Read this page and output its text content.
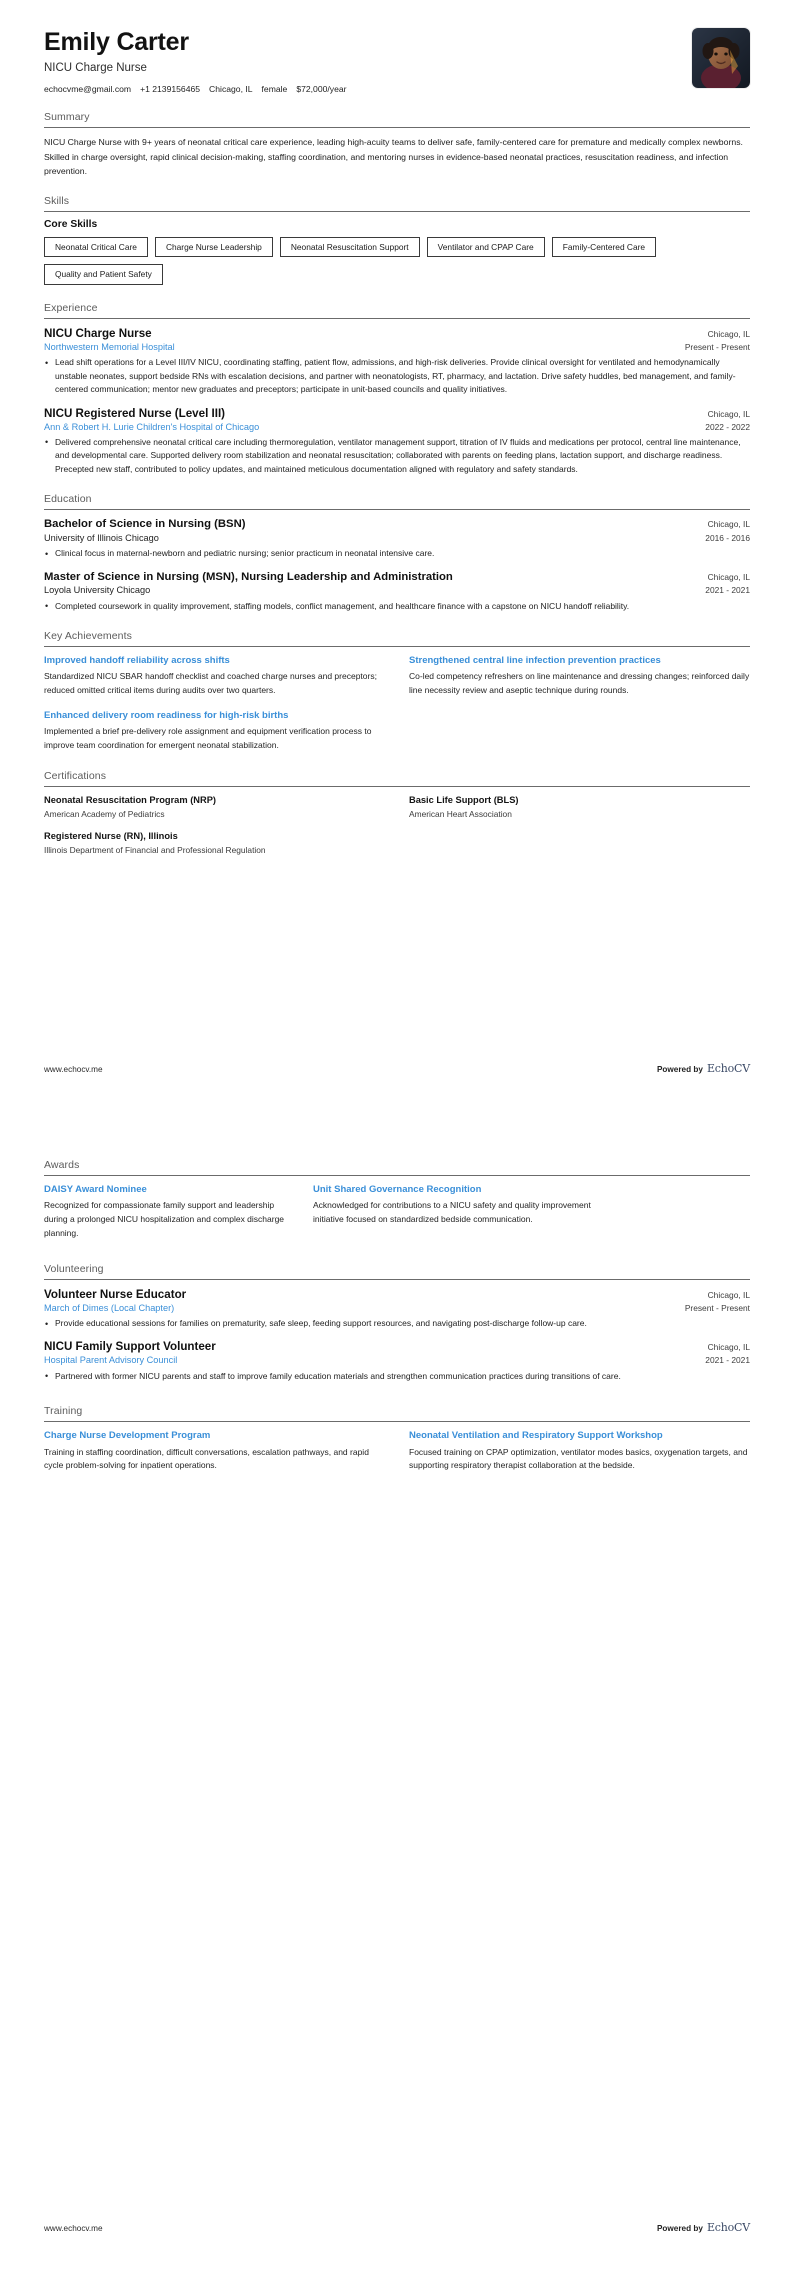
Emily Carter
NICU Charge Nurse
echocvme@gmail.com +1 2139156465 Chicago, IL female $72,000/year
Summary

NICU Charge Nurse with 9+ years of neonatal critical care experience, leading high-acuity teams to deliver safe, family-centered care for premature and medically complex newborns.

Skilled in charge oversight, rapid clinical decision-making, staffing coordination, and mentoring nurses in evidence-based neonatal practices, resuscitation readiness, and infection prevention.

Skills
Core Skills
Neonatal Critical Care	Charge Nurse Leadership	Neonatal Resuscitation Support	Ventilator and CPAP Care	Family-Centered Care
Quality and Patient Safety
Experience
NICU Charge Nurse	Chicago, IL
Northwestern Memorial Hospital	Present - Present
• Lead shift operations for a Level III/IV NICU, coordinating staffing, patient flow, admissions, and high-risk deliveries. Provide clinical oversight for ventilated and hemodynamically unstable neonates, support bedside RNs with escalation decisions, and partner with neonatologists, RT, pharmacy, and lactation. Drive safety huddles, bed management, and family-centered communication; mentor new graduates and preceptors; participate in unit-based councils and quality initiatives.
NICU Registered Nurse (Level III)	Chicago, IL
Ann & Robert H. Lurie Children's Hospital of Chicago	2022 - 2022
• Delivered comprehensive neonatal critical care including thermoregulation, ventilator management support, titration of IV fluids and medications per protocol, central line maintenance, and developmental care. Supported delivery room stabilization and neonatal resuscitation; collaborated with parents on feeding plans, lactation support, and discharge readiness. Precepted new staff, contributed to policy updates, and maintained meticulous documentation aligned with regulatory and safety standards.
Education
Bachelor of Science in Nursing (BSN)	Chicago, IL
University of Illinois Chicago	2016 - 2016
• Clinical focus in maternal-newborn and pediatric nursing; senior practicum in neonatal intensive care.
Master of Science in Nursing (MSN), Nursing Leadership and Administration	Chicago, IL
Loyola University Chicago	2021 - 2021
• Completed coursework in quality improvement, staffing models, conflict management, and healthcare finance with a capstone on NICU handoff reliability.
Key Achievements
Improved handoff reliability across shifts
Standardized NICU SBAR handoff checklist and coached charge nurses and preceptors; reduced omitted critical items during audits over two quarters.
Strengthened central line infection prevention practices
Co-led competency refreshers on line maintenance and dressing changes; reinforced daily line necessity review and aseptic technique during rounds.
Enhanced delivery room readiness for high-risk births
Implemented a brief pre-delivery role assignment and equipment verification process to improve team coordination for emergent neonatal stabilization.
Certifications
Neonatal Resuscitation Program (NRP)
American Academy of Pediatrics
Basic Life Support (BLS)
American Heart Association
Registered Nurse (RN), Illinois
Illinois Department of Financial and Professional Regulation
www.echocv.me	Powered by EchoCV
Awards
DAISY Award Nominee
Recognized for compassionate family support and leadership during a prolonged NICU hospitalization and complex discharge planning.
Unit Shared Governance Recognition
Acknowledged for contributions to a NICU safety and quality improvement initiative focused on standardized bedside communication.
Volunteering
Volunteer Nurse Educator	Chicago, IL
March of Dimes (Local Chapter)	Present - Present
• Provide educational sessions for families on prematurity, safe sleep, feeding support resources, and navigating post-discharge follow-up care.
NICU Family Support Volunteer	Chicago, IL
Hospital Parent Advisory Council	2021 - 2021
• Partnered with former NICU parents and staff to improve family education materials and strengthen communication practices during transitions of care.
Training
Charge Nurse Development Program
Training in staffing coordination, difficult conversations, escalation pathways, and rapid cycle problem-solving for inpatient operations.
Neonatal Ventilation and Respiratory Support Workshop
Focused training on CPAP optimization, ventilator modes basics, oxygenation targets, and supporting respiratory therapist collaboration at the bedside.
www.echocv.me	Powered by EchoCV
